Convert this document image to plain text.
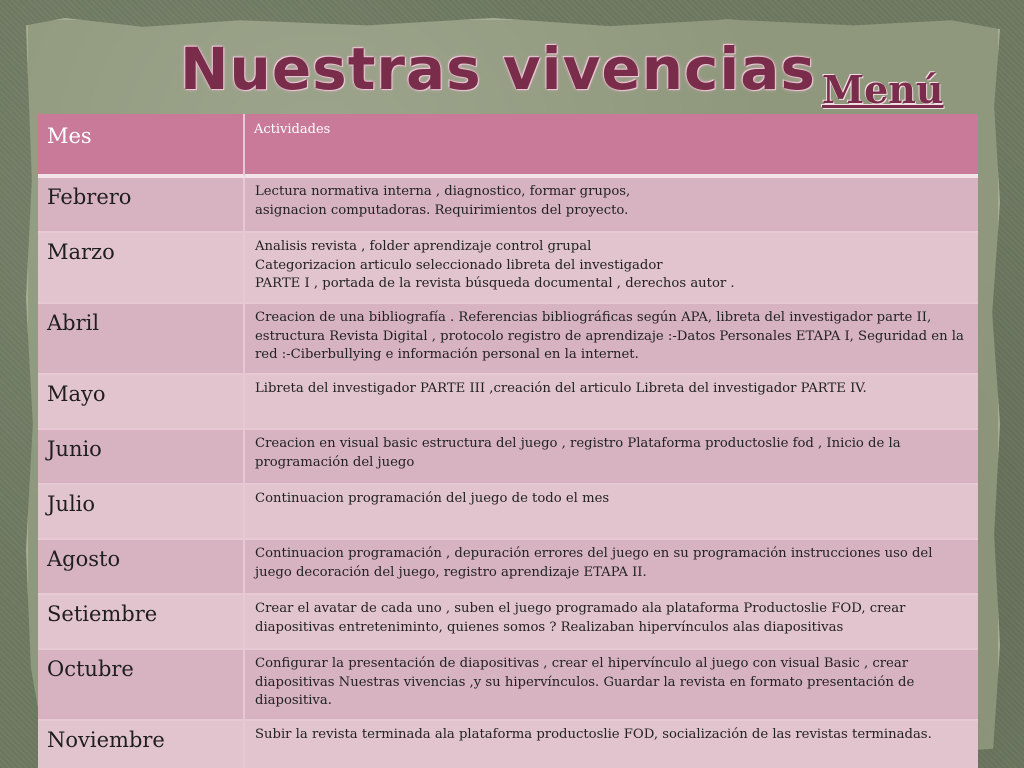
Nuestras vivencias Menú
Mes	Actividades
Febrero	Lectura normativa interna , diagnostico, formar grupos,
asignacion computadoras. Requirimientos del proyecto.

Marzo	Analisis revista , folder aprendizaje control grupal
Categorizacion articulo seleccionado libreta del investigador
PARTE I , portada de la revista búsqueda documental , derechos autor .

Abril	Creacion de una bibliografía . Referencias bibliográficas según APA, libreta del investigador parte II,
estructura Revista Digital , protocolo registro de aprendizaje :-Datos Personales ETAPA I, Seguridad en la
red :-Ciberbullying e información personal en la internet.

Mayo	Libreta del investigador PARTE III ,creación del articulo Libreta del investigador PARTE IV.

Junio	Creacion en visual basic estructura del juego , registro Plataforma productoslie fod , Inicio de la
programación del juego

Julio	Continuacion programación del juego de todo el mes

Agosto	Continuacion programación , depuración errores del juego en su programación instrucciones uso del
juego decoración del juego, registro aprendizaje ETAPA II.

Setiembre	Crear el avatar de cada uno , suben el juego programado ala plataforma Productoslie FOD, crear
diapositivas entreteniminto, quienes somos ? Realizaban hipervínculos alas diapositivas

Octubre	Configurar la presentación de diapositivas , crear el hipervínculo al juego con visual Basic , crear
diapositivas Nuestras vivencias ,y su hipervínculos. Guardar la revista en formato presentación de
diapositiva.

Noviembre	Subir la revista terminada ala plataforma productoslie FOD, socialización de las revistas terminadas.
